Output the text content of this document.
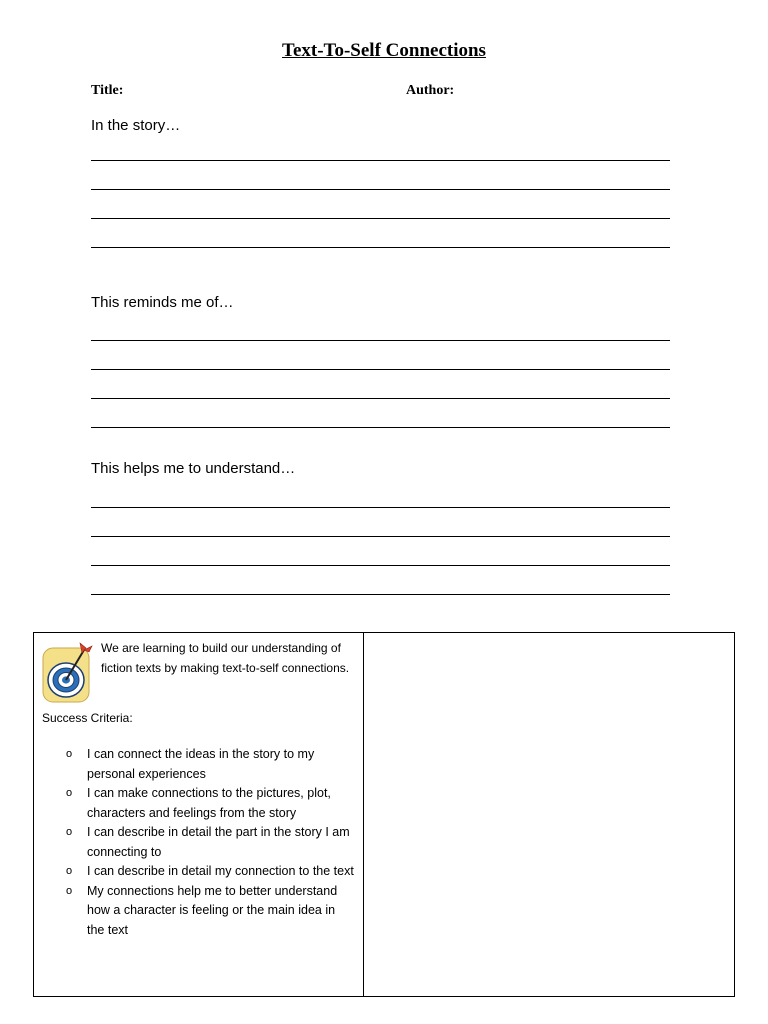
Text-To-Self Connections
Title:	Author:
In the story…
This reminds me of…
This helps me to understand…
We are learning to build our understanding of fiction texts by making text-to-self connections.
Success Criteria:
o I can connect the ideas in the story to my personal experiences
o I can make connections to the pictures, plot, characters and feelings from the story
o I can describe in detail the part in the story I am connecting to
o I can describe in detail my connection to the text
o My connections help me to better understand how a character is feeling or the main idea in the text
